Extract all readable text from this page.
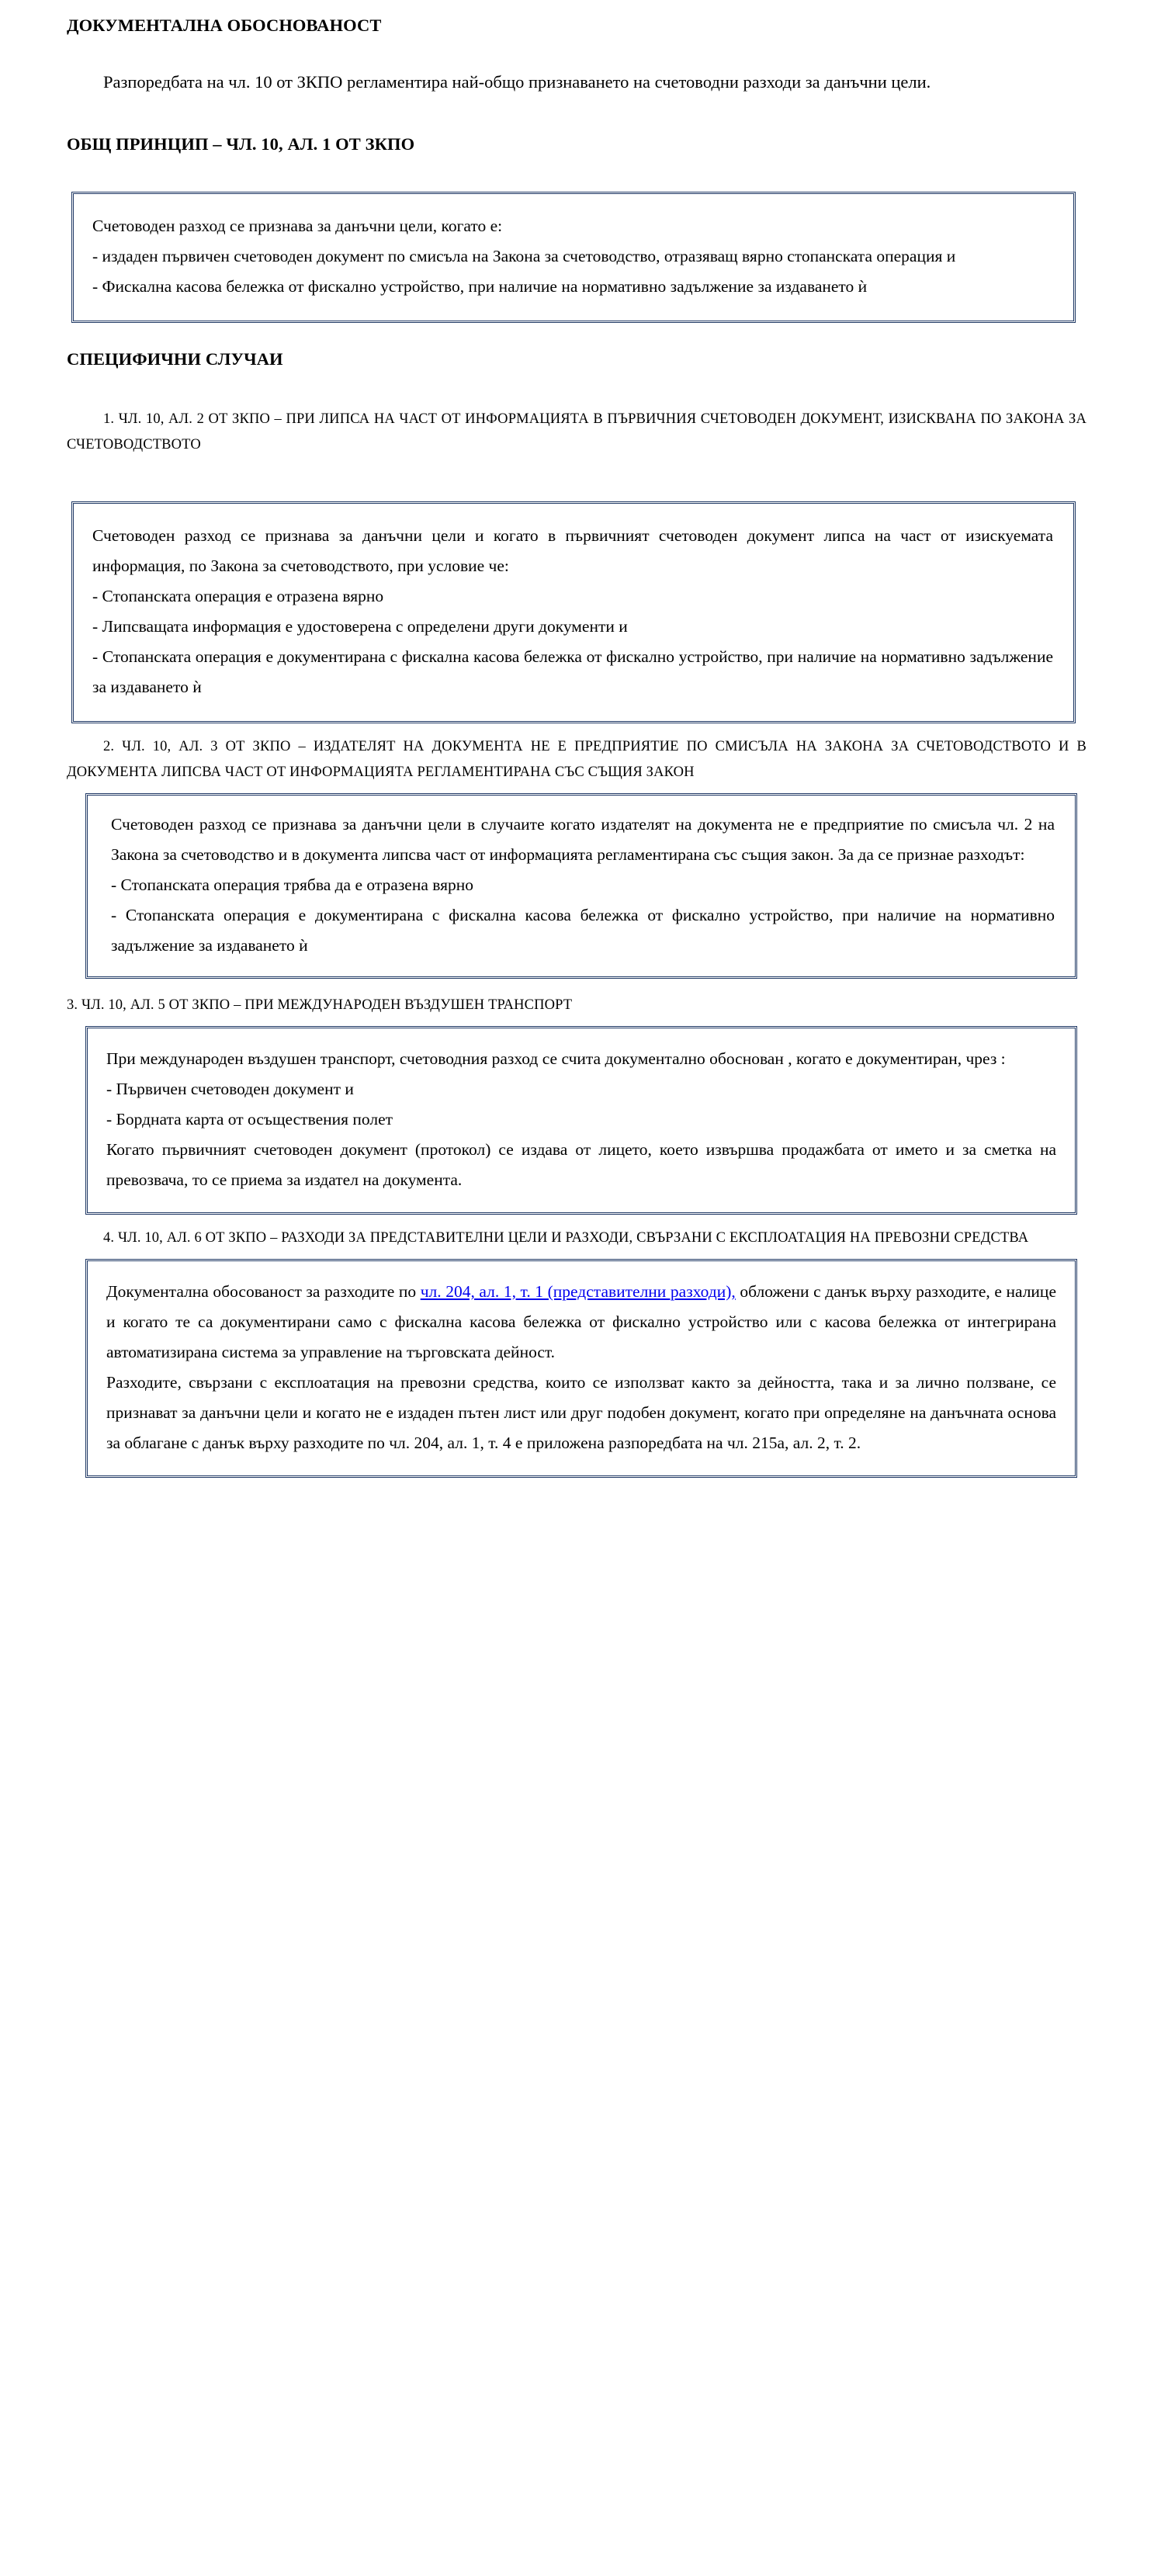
ДОКУМЕНТАЛНА ОБОСНОВАНОСТ

Разпоредбата на чл. 10 от ЗКПО регламентира най-общо признаването на счетоводни разходи за данъчни цели.

ОБЩ ПРИНЦИП – ЧЛ. 10, АЛ. 1 ОТ ЗКПО

Счетоводен разход се признава за данъчни цели, когато е:

- издаден първичен счетоводен документ по смисъла на Закона за счетоводство, отразяващ вярно стопанската операция и

- Фискална касова бележка от фискално устройство, при наличие на нормативно задължение за издаването ѝ

СПЕЦИФИЧНИ СЛУЧАИ

1. ЧЛ. 10, АЛ. 2 ОТ ЗКПО – ПРИ ЛИПСА НА ЧАСТ ОТ ИНФОРМАЦИЯТА В ПЪРВИЧНИЯ СЧЕТОВОДЕН ДОКУМЕНТ, ИЗИСКВАНА ПО ЗАКОНА ЗА СЧЕТОВОДСТВОТО

Счетоводен разход се признава за данъчни цели и когато в първичният счетоводен документ липса на част от изискуемата информация, по Закона за счетоводството, при условие че:

- Стопанската операция е отразена вярно

- Липсващата информация е удостоверена с определени други документи и

- Стопанската операция е документирана с фискална касова бележка от фискално устройство, при наличие на нормативно задължение за издаването ѝ

2. ЧЛ. 10, АЛ. 3 ОТ ЗКПО – ИЗДАТЕЛЯТ НА ДОКУМЕНТА НЕ Е ПРЕДПРИЯТИЕ ПО СМИСЪЛА НА ЗАКОНА ЗА СЧЕТОВОДСТВОТО И В ДОКУМЕНТА ЛИПСВА ЧАСТ ОТ ИНФОРМАЦИЯТА РЕГЛАМЕНТИРАНА СЪС СЪЩИЯ ЗАКОН

Счетоводен разход се признава за данъчни цели в случаите когато издателят на документа не е предприятие по смисъла чл. 2 на Закона за счетоводство и в документа липсва част от информацията регламентирана със същия закон. За да се признае разходът:

- Стопанската операция трябва да е отразена вярно

- Стопанската операция е документирана с фискална касова бележка от фискално устройство, при наличие на нормативно задължение за издаването ѝ

3. ЧЛ. 10, АЛ. 5 ОТ ЗКПО – ПРИ МЕЖДУНАРОДЕН ВЪЗДУШЕН ТРАНСПОРТ

При международен въздушен транспорт, счетоводния разход се счита документално обоснован , когато е документиран, чрез :

- Първичен счетоводен документ и

- Бордната карта от осъществения полет

Когато първичният счетоводен документ (протокол) се издава от лицето, което извършва продажбата от името и за сметка на превозвача, то се приема за издател на документа.

4. ЧЛ. 10, АЛ. 6 ОТ ЗКПО – РАЗХОДИ ЗА ПРЕДСТАВИТЕЛНИ ЦЕЛИ И РАЗХОДИ, СВЪРЗАНИ С ЕКСПЛОАТАЦИЯ НА ПРЕВОЗНИ СРЕДСТВА

Документална обосованост за разходите по чл. 204, ал. 1, т. 1 (представителни разходи), обложени с данък върху разходите, е налице и когато те са документирани само с фискална касова бележка от фискално устройство или с касова бележка от интегрирана автоматизирана система за управление на търговската дейност.

Разходите, свързани с експлоатация на превозни средства, които се използват както за дейността, така и за лично ползване, се признават за данъчни цели и когато не е издаден пътен лист или друг подобен документ, когато при определяне на данъчната основа за облагане с данък върху разходите по чл. 204, ал. 1, т. 4 е приложена разпоредбата на чл. 215а, ал. 2, т. 2.
